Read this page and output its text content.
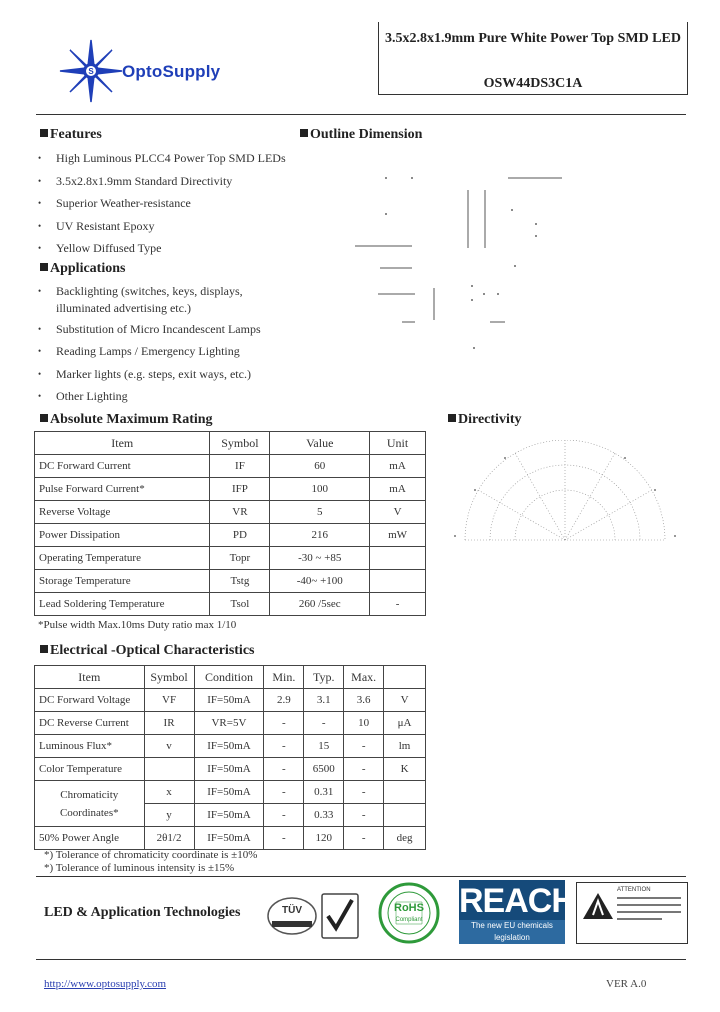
S OptoSupply
3.5x2.8x1.9mm Pure White Power Top SMD LED
OSW44DS3C1A
Features
• High Luminous PLCC4 Power Top SMD LEDs
• 3.5x2.8x1.9mm Standard Directivity
• Superior Weather-resistance
• UV Resistant Epoxy
• Yellow Diffused Type
Outline Dimension
Applications
• Backlighting (switches, keys, displays,
illuminated advertising etc.)
• Substitution of Micro Incandescent Lamps
• Reading Lamps / Emergency Lighting
• Marker lights (e.g. steps, exit ways, etc.)
• Other Lighting
Absolute Maximum Rating
Item	Symbol	Value	Unit
DC Forward Current	IF	60	mA
Pulse Forward Current*	IFP	100	mA
Reverse Voltage	VR	5	V
Power Dissipation	PD	216	mW
Operating Temperature	Topr	-30 ~ +85	
Storage Temperature	Tstg	-40~ +100	
Lead Soldering Temperature	Tsol	260 /5sec	-
*Pulse width Max.10ms Duty ratio max 1/10
Directivity
Electrical -Optical Characteristics
Item	Symbol	Condition	Min.	Typ.	Max.	
DC Forward Voltage	VF	IF=50mA	2.9	3.1	3.6	V
DC Reverse Current	IR	VR=5V	-	-	10	μA
Luminous Flux*	v	IF=50mA	-	15	-	lm
Color Temperature		IF=50mA	-	6500	-	K
Chromaticity
Coordinates*	x	IF=50mA	-	0.31	-	
	y	IF=50mA	-	0.33	-	
50% Power Angle	2θ1/2	IF=50mA	-	120	-	deg
*) Tolerance of chromaticity coordinate is ±10%
*) Tolerance of luminous intensity is ±15%
LED & Application Technologies	TÜV	RoHS
Compliant REACH
The new EU chemicals legislation
ATTENTION
http://www.optosupply.com	VER A.0
